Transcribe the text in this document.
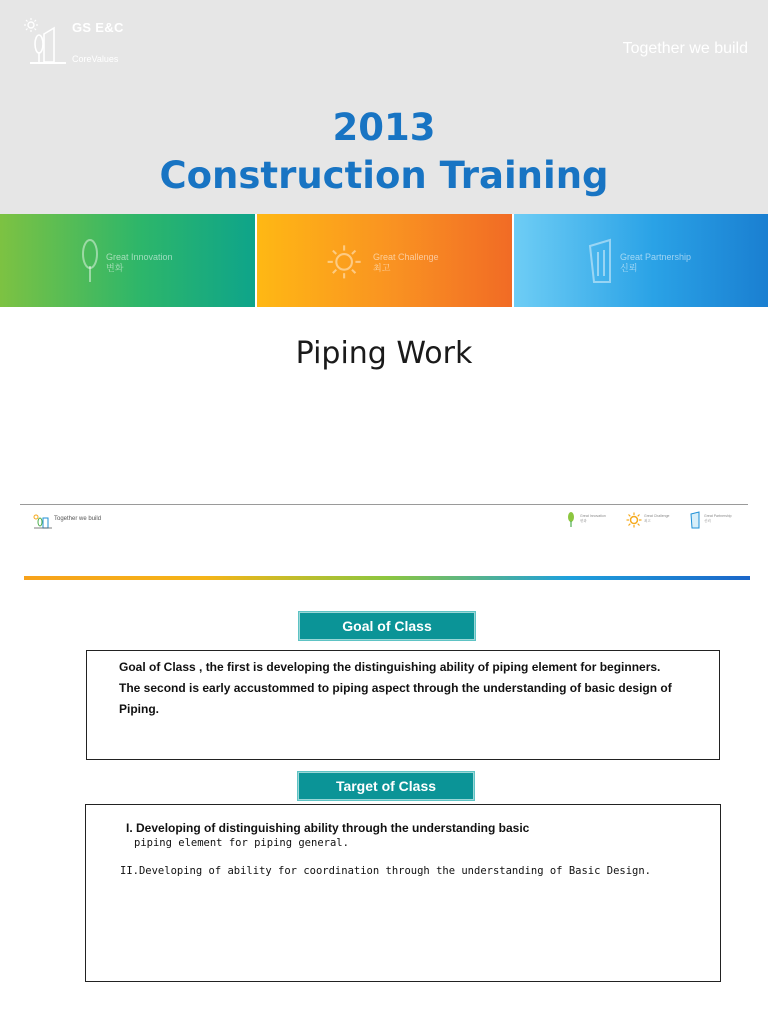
GS E&C
CoreValues
Together we build
2013
Construction Training
Great Innovation
변화
Great Challenge
최고
Great Partnership
신뢰
Piping Work
Together we build	Great Innovation
변화
Great Challenge
최고
Great Partnership
신뢰
Goal of Class
Goal of Class , the first is developing the distinguishing ability of piping element for beginners.
The second is early accustommed to piping aspect through the understanding of basic design of
Piping.
Target of Class
I. Developing of distinguishing ability through the understanding basic
piping element for piping general.
II.Developing of ability for coordination through the understanding of Basic Design.
